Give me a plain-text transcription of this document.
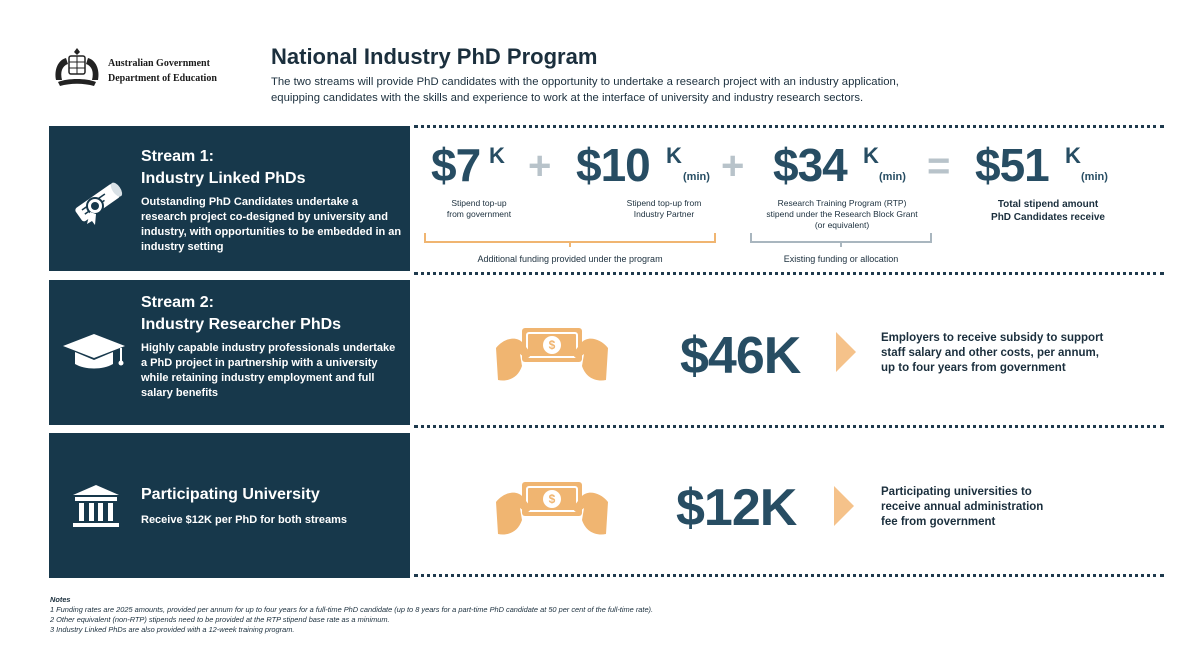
Australian Government
Department of Education
National Industry PhD Program
The two streams will provide PhD candidates with the opportunity to undertake a research project with an industry application,
equipping candidates with the skills and experience to work at the interface of university and industry research sectors.
Stream 1:
Industry Linked PhDs
Outstanding PhD Candidates undertake a research project co-designed by university and industry, with opportunities to be embedded in an industry setting
$7 K + $10 K
(min) + $34 K
(min) = $51 K
(min)
Stipend top-up
from government
Stipend top-up from
Industry Partner
Research Training Program (RTP)
stipend under the Research Block Grant
(or equivalent)
Total stipend amount
PhD Candidates receive
Additional funding provided under the program	Existing funding or allocation
Stream 2:
Industry Researcher PhDs
Highly capable industry professionals undertake a PhD project in partnership with a university while retaining industry employment and full salary benefits
$ $46K	Employers to receive subsidy to support staff salary and other costs, per annum, up to four years from government
Participating University
Receive $12K per PhD for both streams
$ $12K	Participating universities to receive annual administration fee from government
Notes
1 Funding rates are 2025 amounts, provided per annum for up to four years for a full-time PhD candidate (up to 8 years for a part-time PhD candidate at 50 per cent of the full-time rate).
2 Other equivalent (non-RTP) stipends need to be provided at the RTP stipend base rate as a minimum.
3 Industry Linked PhDs are also provided with a 12-week training program.
